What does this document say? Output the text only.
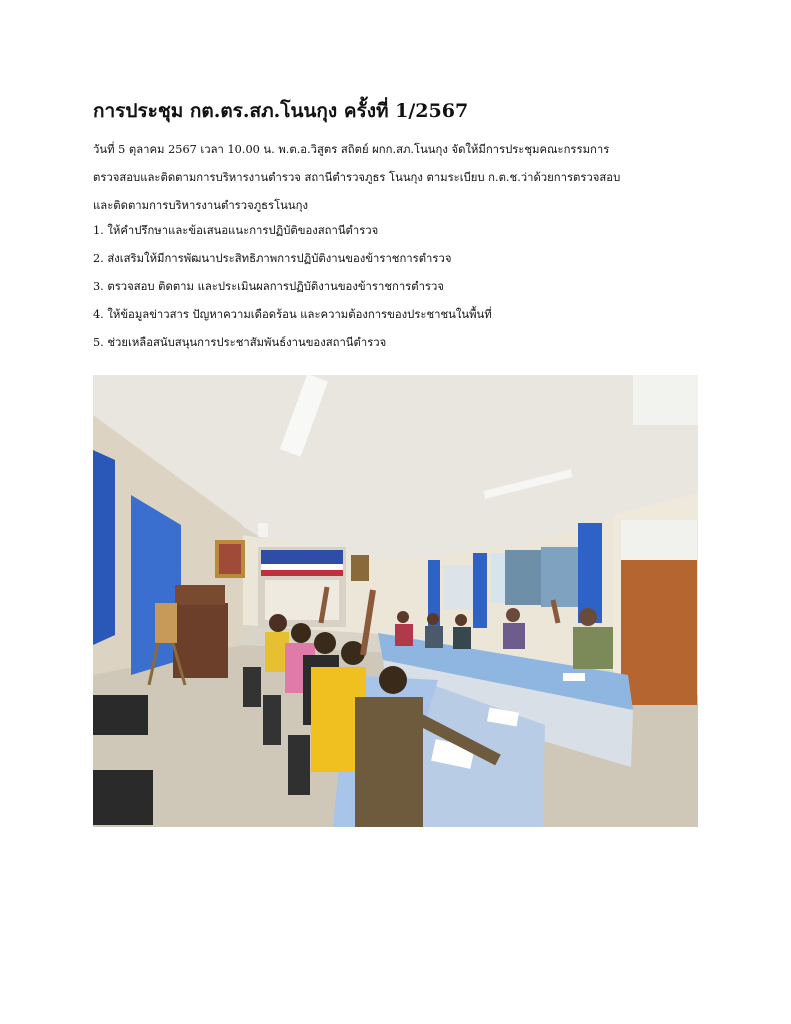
การประชุม กต.ตร.สภ.โนนกุง ครั้งที่ 1/2567
วันที่ 5 ตุลาคม 2567 เวลา 10.00 น. พ.ต.อ.วิสูตร สถิตย์ ผกก.สภ.โนนกุง จัดให้มีการประชุมคณะกรรมการ
ตรวจสอบและติดตามการบริหารงานตำรวจ สถานีตำรวจภูธร โนนกุง ตามระเบียบ ก.ต.ช.ว่าด้วยการตรวจสอบ
และติดตามการบริหารงานตำรวจภูธรโนนกุง
1. ให้คำปรึกษาและข้อเสนอแนะการปฏิบัติของสถานีตำรวจ
2. ส่งเสริมให้มีการพัฒนาประสิทธิภาพการปฏิบัติงานของข้าราชการตำรวจ
3. ตรวจสอบ ติดตาม และประเมินผลการปฏิบัติงานของข้าราชการตำรวจ
4. ให้ข้อมูลข่าวสาร ปัญหาความเดือดร้อน และความต้องการของประชาชนในพื้นที่
5. ช่วยเหลือสนับสนุนการประชาสัมพันธ์งานของสถานีตำรวจ
